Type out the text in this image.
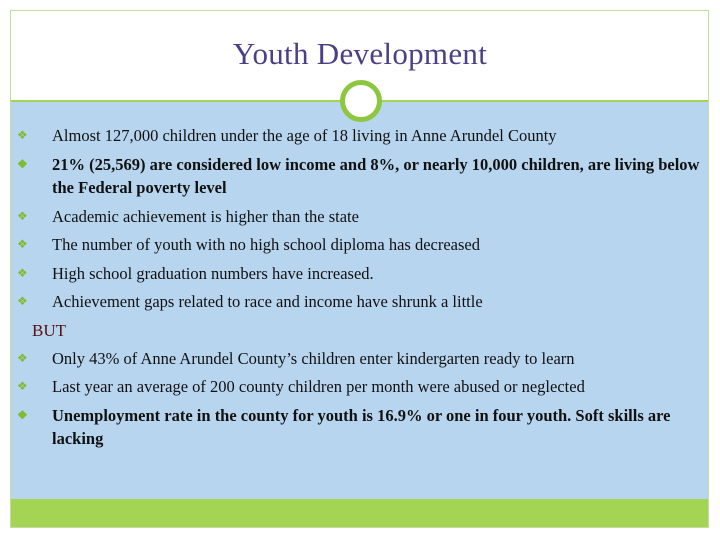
Youth Development
❖	Almost 127,000 children under the age of 18 living in Anne Arundel County
❖	21% (25,569) are considered low income and 8%, or nearly 10,000 children, are living below the Federal poverty level
❖	Academic achievement is higher than the state
❖	The number of youth with no high school diploma has decreased
❖	High school graduation numbers have increased.
❖	Achievement gaps related to race and income have shrunk a little
BUT
❖	Only 43% of Anne Arundel County’s children enter kindergarten ready to learn
❖	Last year an average of 200 county children per month were abused or neglected
❖	Unemployment rate in the county for youth is 16.9% or one in four youth. Soft skills are lacking
